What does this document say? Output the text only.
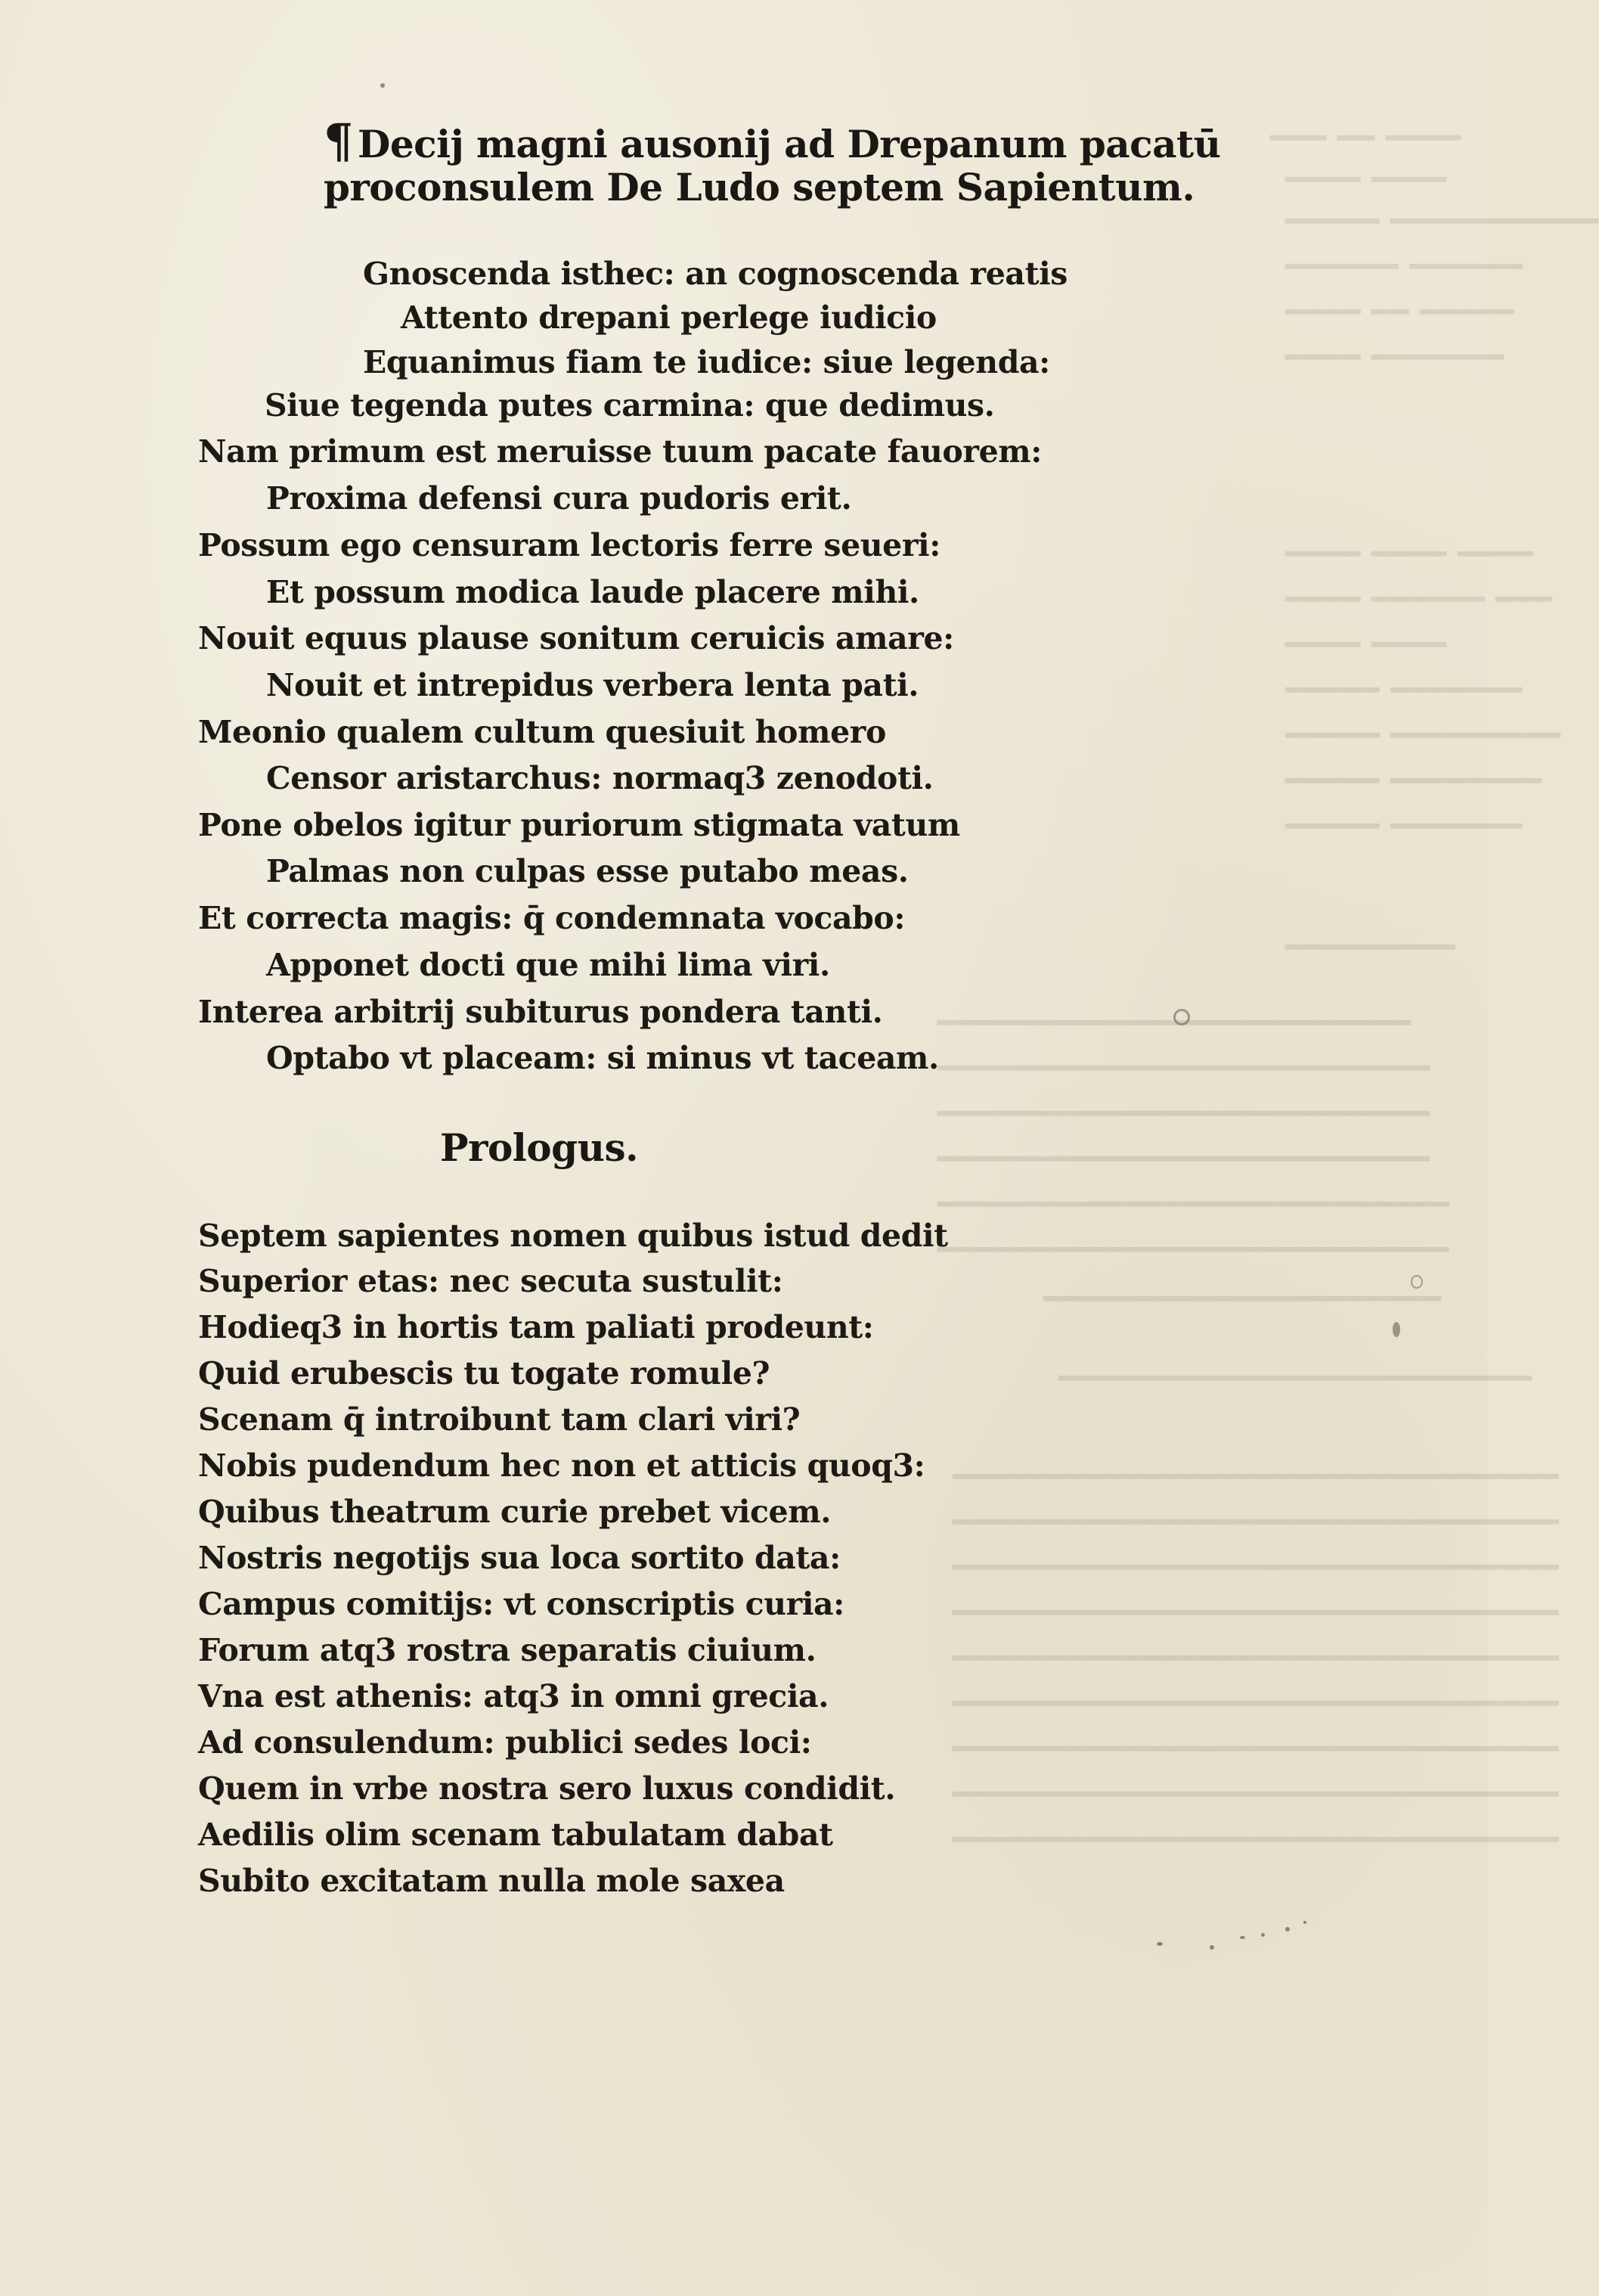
━━━ ━━ ━━━━
━━━━ ━━━━
━━━━━ ━━━━━━━━━━━
━━━━━━ ━━━━━━
━━━━ ━━ ━━━━━
━━━━ ━━━━━━━
━━━━ ━━━━ ━━━━
━━━━ ━━━━━━ ━━━
━━━━ ━━━━
━━━━━ ━━━━━━━
━━━━━ ━━━━━━━━━
━━━━━ ━━━━━━━━
━━━━━ ━━━━━━━
━━━━━━━━━
━━━━━━━━━━━━━━━━━━━━━━━━━
━━━━━━━━━━━━━━━━━━━━━━━━━━
━━━━━━━━━━━━━━━━━━━━━━━━━━
━━━━━━━━━━━━━━━━━━━━━━━━━━
━━━━━━━━━━━━━━━━━━━━━━━━━━━
━━━━━━━━━━━━━━━━━━━━━━━━━━━
━━━━━━━━━━━━━━━━━━━━━
━━━━━━━━━━━━━━━━━━━━━━━━━
━━━━━━━━━━━━━━━━━━━━━━━━━━━━━━━━
━━━━━━━━━━━━━━━━━━━━━━━━━━━━━━━━
━━━━━━━━━━━━━━━━━━━━━━━━━━━━━━━━
━━━━━━━━━━━━━━━━━━━━━━━━━━━━━━━━
━━━━━━━━━━━━━━━━━━━━━━━━━━━━━━━━
━━━━━━━━━━━━━━━━━━━━━━━━━━━━━━━━
━━━━━━━━━━━━━━━━━━━━━━━━━━━━━━━━
━━━━━━━━━━━━━━━━━━━━━━━━━━━━━━━━
━━━━━━━━━━━━━━━━━━━━━━━━━━━━━━━━
¶ Decij magni ausonij ad Drepanum pacatū
proconsulem De Ludo septem Sapientum.
Gnoscenda isthec: an cognoscenda reatis
Attento drepani perlege iudicio
Equanimus fiam te iudice: siue legenda:
Siue tegenda putes carmina: que dedimus.
Nam primum est meruisse tuum pacate fauorem:
Proxima defensi cura pudoris erit.
Possum ego censuram lectoris ferre seueri:
Et possum modica laude placere mihi.
Nouit equus plause sonitum ceruicis amare:
Nouit et intrepidus verbera lenta pati.
Meonio qualem cultum quesiuit homero
Censor aristarchus: normaq3 zenodoti.
Pone obelos igitur puriorum stigmata vatum
Palmas non culpas esse putabo meas.
Et correcta magis: q̄ condemnata vocabo:
Apponet docti que mihi lima viri.
Interea arbitrij subiturus pondera tanti.
Optabo vt placeam: si minus vt taceam.
Prologus.
Septem sapientes nomen quibus istud dedit
Superior etas: nec secuta sustulit:
Hodieq3 in hortis tam paliati prodeunt:
Quid erubescis tu togate romule?
Scenam q̄ introibunt tam clari viri?
Nobis pudendum hec non et atticis quoq3:
Quibus theatrum curie prebet vicem.
Nostris negotijs sua loca sortito data:
Campus comitijs: vt conscriptis curia:
Forum atq3 rostra separatis ciuium.
Vna est athenis: atq3 in omni grecia.
Ad consulendum: publici sedes loci:
Quem in vrbe nostra sero luxus condidit.
Aedilis olim scenam tabulatam dabat
Subito excitatam nulla mole saxea
